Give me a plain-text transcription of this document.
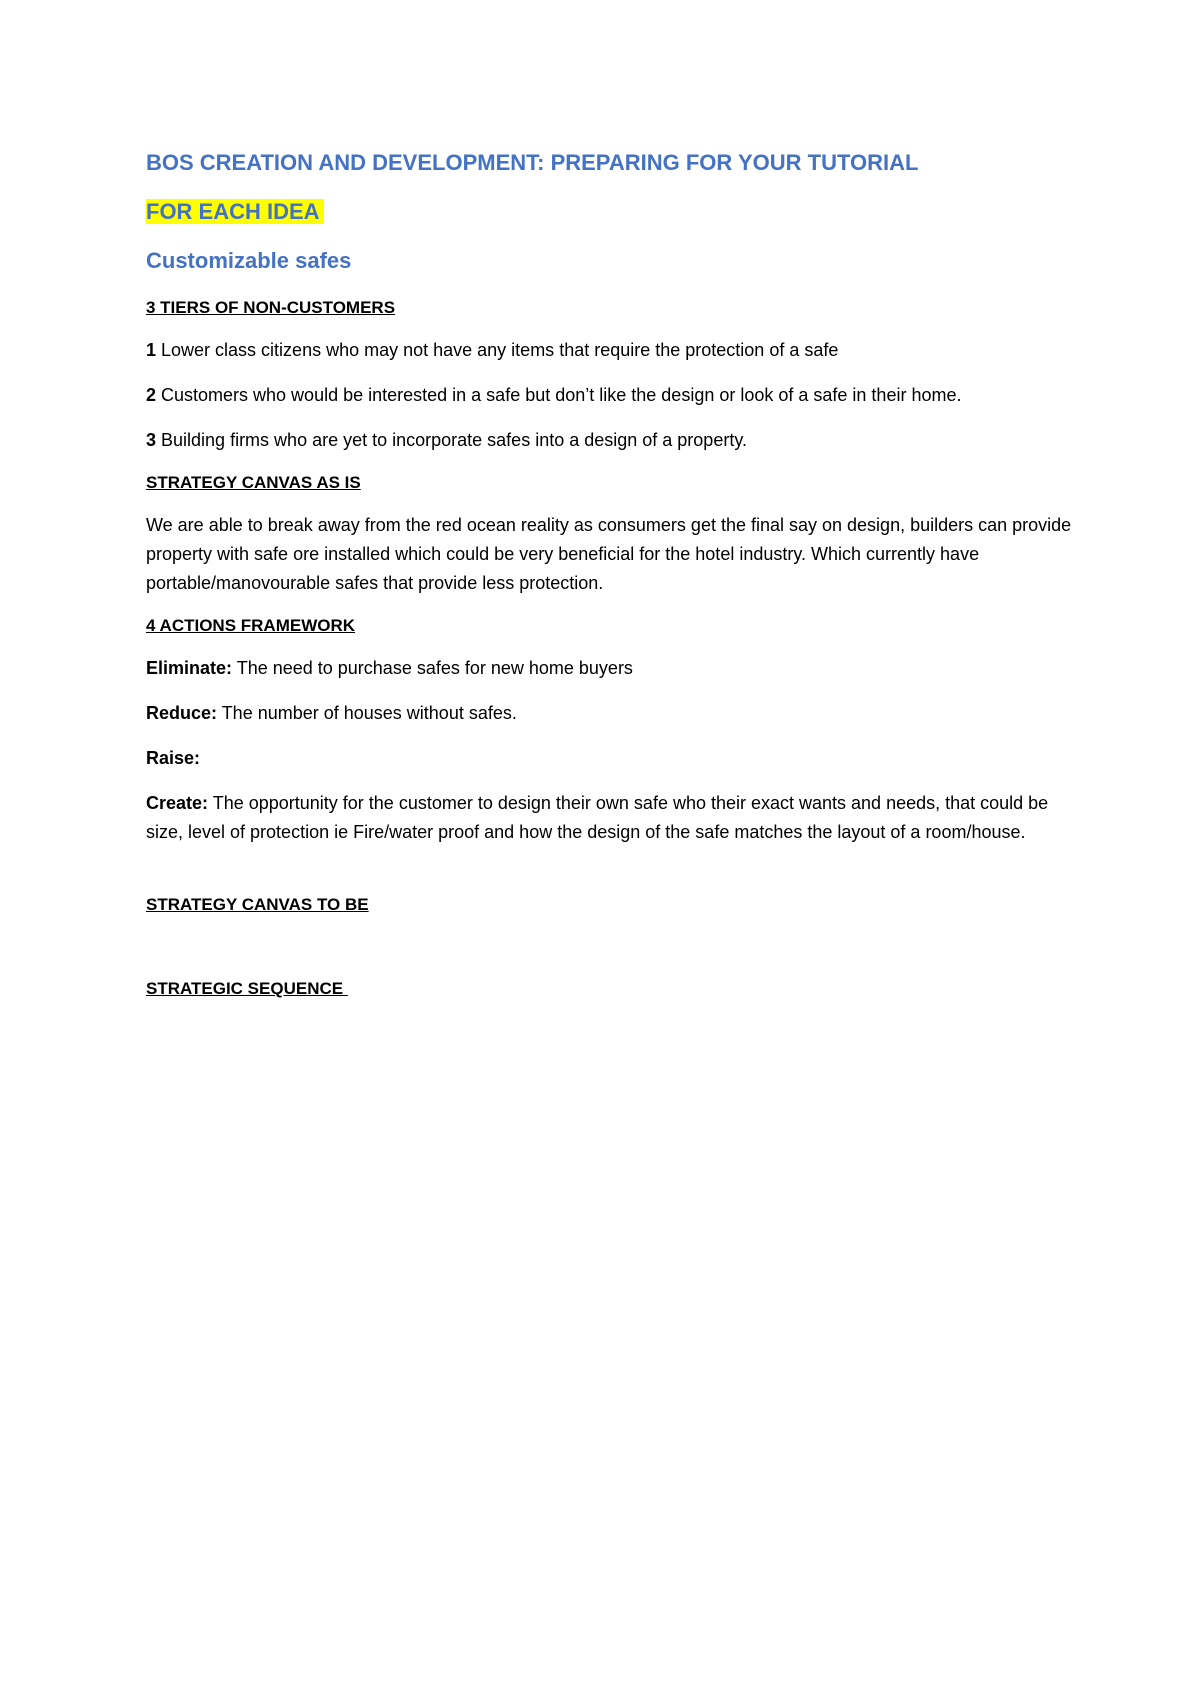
BOS CREATION AND DEVELOPMENT: PREPARING FOR YOUR TUTORIAL
FOR EACH IDEA
Customizable safes
3 TIERS OF NON-CUSTOMERS
1 Lower class citizens who may not have any items that require the protection of a safe
2 Customers who would be interested in a safe but don’t like the design or look of a safe in their home.
3 Building firms who are yet to incorporate safes into a design of a property.
STRATEGY CANVAS AS IS
We are able to break away from the red ocean reality as consumers get the final say on design, builders can provide property with safe ore installed which could be very beneficial for the hotel industry. Which currently have portable/manovourable safes that provide less protection.
4 ACTIONS FRAMEWORK
Eliminate: The need to purchase safes for new home buyers
Reduce: The number of houses without safes.
Raise:
Create: The opportunity for the customer to design their own safe who their exact wants and needs, that could be size, level of protection ie Fire/water proof and how the design of the safe matches the layout of a room/house.
STRATEGY CANVAS TO BE
STRATEGIC SEQUENCE
